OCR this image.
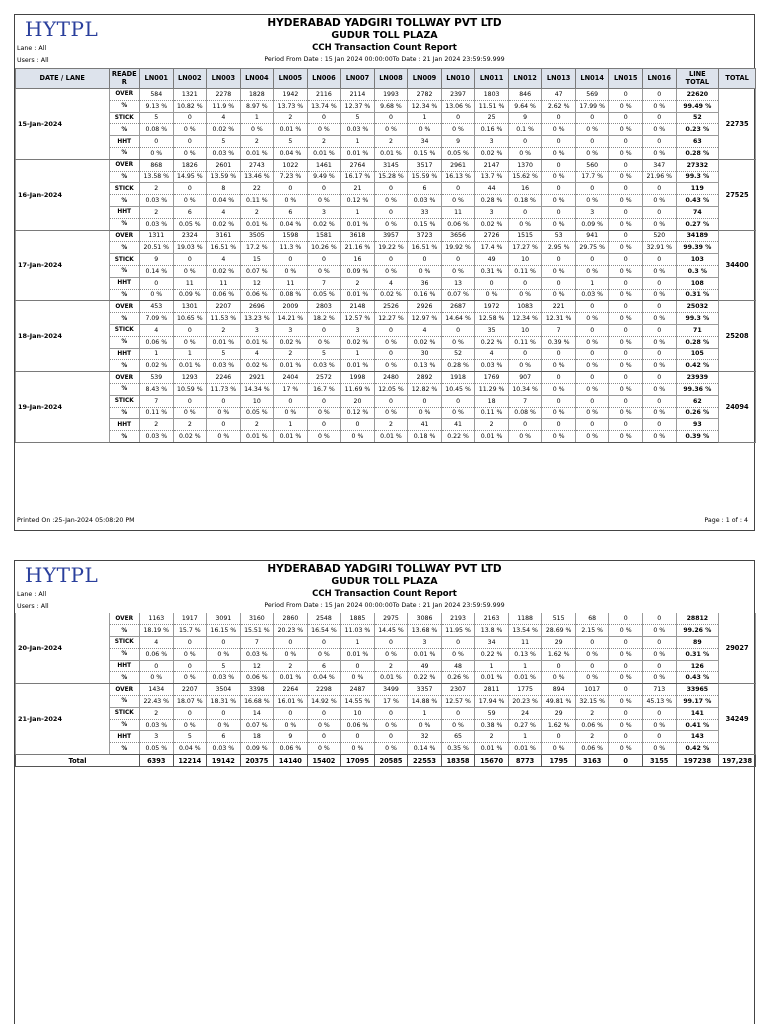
HYTPL	HYDERABAD YADGIRI TOLLWAY PVT LTD
GUDUR TOLL PLAZA
CCH Transaction Count Report
Period From Date : 15 Jan 2024 00:00:00To Date : 21 Jan 2024 23:59:59.999
Lane : All
Users : All
DATE / LANE	READE R	LN001	LN002	LN003	LN004	LN005	LN006	LN007	LN008	LN009	LN010	LN011	LN012	LN013	LN014	LN015	LN016	LINE TOTAL	TOTAL
15-Jan-2024	OVER	584	1321	2278	1828	1942	2116	2114	1993	2782	2397	1803	846	47	569	0	0	22620	22735
	%	9.13 %	10.82 %	11.9 %	8.97 %	13.73 %	13.74 %	12.37 %	9.68 %	12.34 %	13.06 %	11.51 %	9.64 %	2.62 %	17.99 %	0 %	0 %	99.49 %	
	STICK	5	0	4	1	2	0	5	0	1	0	25	9	0	0	0	0	52	
	%	0.08 %	0 %	0.02 %	0 %	0.01 %	0 %	0.03 %	0 %	0 %	0 %	0.16 %	0.1 %	0 %	0 %	0 %	0 %	0.23 %	
	HHT	0	0	5	2	5	2	1	2	34	9	3	0	0	0	0	0	63	
	%	0 %	0 %	0.03 %	0.01 %	0.04 %	0.01 %	0.01 %	0.01 %	0.15 %	0.05 %	0.02 %	0 %	0 %	0 %	0 %	0 %	0.28 %	
16-Jan-2024	OVER	868	1826	2601	2743	1022	1461	2764	3145	3517	2961	2147	1370	0	560	0	347	27332	27525
	%	13.58 %	14.95 %	13.59 %	13.46 %	7.23 %	9.49 %	16.17 %	15.28 %	15.59 %	16.13 %	13.7 %	15.62 %	0 %	17.7 %	0 %	21.96 %	99.3 %	
	STICK	2	0	8	22	0	0	21	0	6	0	44	16	0	0	0	0	119	
	%	0.03 %	0 %	0.04 %	0.11 %	0 %	0 %	0.12 %	0 %	0.03 %	0 %	0.28 %	0.18 %	0 %	0 %	0 %	0 %	0.43 %	
	HHT	2	6	4	2	6	3	1	0	33	11	3	0	0	3	0	0	74	
	%	0.03 %	0.05 %	0.02 %	0.01 %	0.04 %	0.02 %	0.01 %	0 %	0.15 %	0.06 %	0.02 %	0 %	0 %	0.09 %	0 %	0 %	0.27 %	
17-Jan-2024	OVER	1311	2324	3161	3505	1598	1581	3618	3957	3723	3656	2726	1515	53	941	0	520	34189	34400
	%	20.51 %	19.03 %	16.51 %	17.2 %	11.3 %	10.26 %	21.16 %	19.22 %	16.51 %	19.92 %	17.4 %	17.27 %	2.95 %	29.75 %	0 %	32.91 %	99.39 %	
	STICK	9	0	4	15	0	0	16	0	0	0	49	10	0	0	0	0	103	
	%	0.14 %	0 %	0.02 %	0.07 %	0 %	0 %	0.09 %	0 %	0 %	0 %	0.31 %	0.11 %	0 %	0 %	0 %	0 %	0.3 %	
	HHT	0	11	11	12	11	7	2	4	36	13	0	0	0	1	0	0	108	
	%	0 %	0.09 %	0.06 %	0.06 %	0.08 %	0.05 %	0.01 %	0.02 %	0.16 %	0.07 %	0 %	0 %	0 %	0.03 %	0 %	0 %	0.31 %	
18-Jan-2024	OVER	453	1301	2207	2696	2009	2803	2148	2526	2926	2687	1972	1083	221	0	0	0	25032	25208
	%	7.09 %	10.65 %	11.53 %	13.23 %	14.21 %	18.2 %	12.57 %	12.27 %	12.97 %	14.64 %	12.58 %	12.34 %	12.31 %	0 %	0 %	0 %	99.3 %	
	STICK	4	0	2	3	3	0	3	0	4	0	35	10	7	0	0	0	71	
	%	0.06 %	0 %	0.01 %	0.01 %	0.02 %	0 %	0.02 %	0 %	0.02 %	0 %	0.22 %	0.11 %	0.39 %	0 %	0 %	0 %	0.28 %	
	HHT	1	1	5	4	2	5	1	0	30	52	4	0	0	0	0	0	105	
	%	0.02 %	0.01 %	0.03 %	0.02 %	0.01 %	0.03 %	0.01 %	0 %	0.13 %	0.28 %	0.03 %	0 %	0 %	0 %	0 %	0 %	0.42 %	
19-Jan-2024	OVER	539	1293	2246	2921	2404	2572	1998	2480	2892	1918	1769	907	0	0	0	0	23939	24094
	%	8.43 %	10.59 %	11.73 %	14.34 %	17 %	16.7 %	11.69 %	12.05 %	12.82 %	10.45 %	11.29 %	10.34 %	0 %	0 %	0 %	0 %	99.36 %	
	STICK	7	0	0	10	0	0	20	0	0	0	18	7	0	0	0	0	62	
	%	0.11 %	0 %	0 %	0.05 %	0 %	0 %	0.12 %	0 %	0 %	0 %	0.11 %	0.08 %	0 %	0 %	0 %	0 %	0.26 %	
	HHT	2	2	0	2	1	0	0	2	41	41	2	0	0	0	0	0	93	
	%	0.03 %	0.02 %	0 %	0.01 %	0.01 %	0 %	0 %	0.01 %	0.18 %	0.22 %	0.01 %	0 %	0 %	0 %	0 %	0 %	0.39 %	
Printed On :25-Jan-2024 05:08:20 PM	Page : 1 of : 4
HYTPL	HYDERABAD YADGIRI TOLLWAY PVT LTD
GUDUR TOLL PLAZA
CCH Transaction Count Report
Period From Date : 15 Jan 2024 00:00:00To Date : 21 Jan 2024 23:59:59.999
Lane : All
Users : All
20-Jan-2024	OVER	1163	1917	3091	3160	2860	2548	1885	2975	3086	2193	2163	1188	515	68	0	0	28812	29027
	%	18.19 %	15.7 %	16.15 %	15.51 %	20.23 %	16.54 %	11.03 %	14.45 %	13.68 %	11.95 %	13.8 %	13.54 %	28.69 %	2.15 %	0 %	0 %	99.26 %	
	STICK	4	0	0	7	0	0	1	0	3	0	34	11	29	0	0	0	89	
	%	0.06 %	0 %	0 %	0.03 %	0 %	0 %	0.01 %	0 %	0.01 %	0 %	0.22 %	0.13 %	1.62 %	0 %	0 %	0 %	0.31 %	
	HHT	0	0	5	12	2	6	0	2	49	48	1	1	0	0	0	0	126	
	%	0 %	0 %	0.03 %	0.06 %	0.01 %	0.04 %	0 %	0.01 %	0.22 %	0.26 %	0.01 %	0.01 %	0 %	0 %	0 %	0 %	0.43 %	
21-Jan-2024	OVER	1434	2207	3504	3398	2264	2298	2487	3499	3357	2307	2811	1775	894	1017	0	713	33965	34249
	%	22.43 %	18.07 %	18.31 %	16.68 %	16.01 %	14.92 %	14.55 %	17 %	14.88 %	12.57 %	17.94 %	20.23 %	49.81 %	32.15 %	0 %	45.13 %	99.17 %	
	STICK	2	0	0	14	0	0	10	0	1	0	59	24	29	2	0	0	141	
	%	0.03 %	0 %	0 %	0.07 %	0 %	0 %	0.06 %	0 %	0 %	0 %	0.38 %	0.27 %	1.62 %	0.06 %	0 %	0 %	0.41 %	
	HHT	3	5	6	18	9	0	0	0	32	65	2	1	0	2	0	0	143	
	%	0.05 %	0.04 %	0.03 %	0.09 %	0.06 %	0 %	0 %	0 %	0.14 %	0.35 %	0.01 %	0.01 %	0 %	0.06 %	0 %	0 %	0.42 %	
Total		6393	12214	19142	20375	14140	15402	17095	20585	22553	18358	15670	8773	1795	3163	0	3155	197238	197,238
